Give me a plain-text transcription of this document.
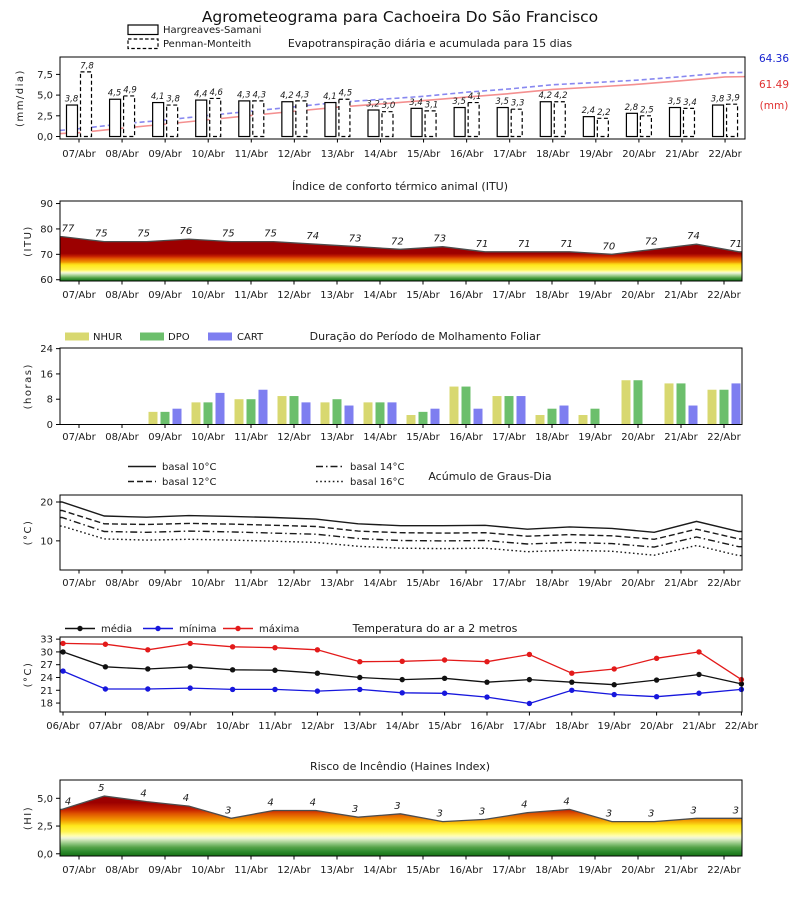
Agrometeograma para Cachoeira Do São Francisco
Evapotranspiração diária e acumulada para 15 dias
(mm/dia)
0,0
2,5
5,0
7,5
07/Abr 08/Abr 09/Abr 10/Abr 11/Abr 12/Abr 13/Abr 14/Abr 15/Abr 16/Abr 17/Abr 18/Abr 19/Abr 20/Abr 21/Abr 22/Abr
3,8
4,5	4,1	4,4	4,3	4,2	4,1
3,2	3,4	3,5	3,5
4,2
2,4	2,8
3,5	3,8
7,8
4,9
3,8
4,6	4,3	4,3	4,5
3,0	3,1
4,1
3,3
4,2
2,2	2,5
3,4	3,9
Hargreaves-Samani
Penman-Monteith
Índice de conforto térmico animal (ITU)
(ITU)
60
70
80
90
07/Abr 08/Abr 09/Abr 10/Abr 11/Abr 12/Abr 13/Abr 14/Abr 15/Abr 16/Abr 17/Abr 18/Abr 19/Abr 20/Abr 21/Abr 22/Abr
77 75	75	76	75	75	74	73	72	73	71	71	71	70	72	74
71
Duração do Período de Molhamento Foliar
(horas)
0
8
16
24
07/Abr 08/Abr 09/Abr 10/Abr 11/Abr 12/Abr 13/Abr 14/Abr 15/Abr 16/Abr 17/Abr 18/Abr 19/Abr 20/Abr 21/Abr 22/Abr
NHUR	DPO	CART
Acúmulo de Graus-Dia
(°C) 10
20
07/Abr 08/Abr 09/Abr 10/Abr 11/Abr 12/Abr 13/Abr 14/Abr 15/Abr 16/Abr 17/Abr 18/Abr 19/Abr 20/Abr 21/Abr 22/Abr
basal 10°C
basal 12°C
basal 14°C
basal 16°C
Temperatura do ar a 2 metros
(°C)
18
21
24
27
30
33
06/Abr 07/Abr 08/Abr 09/Abr 10/Abr 11/Abr 12/Abr 13/Abr 14/Abr 15/Abr 16/Abr 17/Abr 18/Abr 19/Abr 20/Abr 21/Abr 22/Abr
média	mínima	máxima
Risco de Incêndio (Haines Index)
(HI)
0,0
2,5
5,0
07/Abr 08/Abr 09/Abr 10/Abr 11/Abr 12/Abr 13/Abr 14/Abr 15/Abr 16/Abr 17/Abr 18/Abr 19/Abr 20/Abr 21/Abr 22/Abr
4
5
4	4
3
4	4
3	3
3	3
4	4
3	3	3	3
64.36
61.49
(mm)
